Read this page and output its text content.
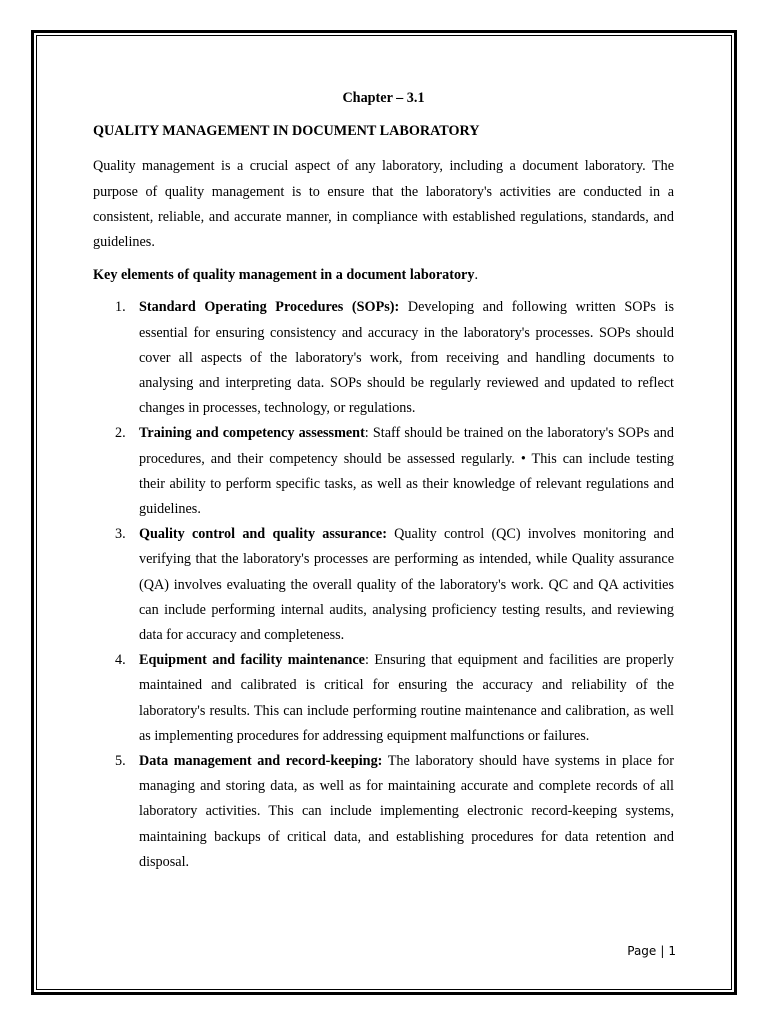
Chapter – 3.1

QUALITY MANAGEMENT IN DOCUMENT LABORATORY

Quality management is a crucial aspect of any laboratory, including a document laboratory. The purpose of quality management is to ensure that the laboratory's activities are conducted in a consistent, reliable, and accurate manner, in compliance with established regulations, standards, and guidelines.

Key elements of quality management in a document laboratory.

1. Standard Operating Procedures (SOPs): Developing and following written SOPs is essential for ensuring consistency and accuracy in the laboratory's processes. SOPs should cover all aspects of the laboratory's work, from receiving and handling documents to analysing and interpreting data. SOPs should be regularly reviewed and updated to reflect changes in processes, technology, or regulations.
2. Training and competency assessment: Staff should be trained on the laboratory's SOPs and procedures, and their competency should be assessed regularly. • This can include testing their ability to perform specific tasks, as well as their knowledge of relevant regulations and guidelines.
3. Quality control and quality assurance: Quality control (QC) involves monitoring and verifying that the laboratory's processes are performing as intended, while Quality assurance (QA) involves evaluating the overall quality of the laboratory's work. QC and QA activities can include performing internal audits, analysing proficiency testing results, and reviewing data for accuracy and completeness.
4. Equipment and facility maintenance: Ensuring that equipment and facilities are properly maintained and calibrated is critical for ensuring the accuracy and reliability of the laboratory's results. This can include performing routine maintenance and calibration, as well as implementing procedures for addressing equipment malfunctions or failures.
5. Data management and record-keeping: The laboratory should have systems in place for managing and storing data, as well as for maintaining accurate and complete records of all laboratory activities. This can include implementing electronic record-keeping systems, maintaining backups of critical data, and establishing procedures for data retention and disposal.
Page | 1
